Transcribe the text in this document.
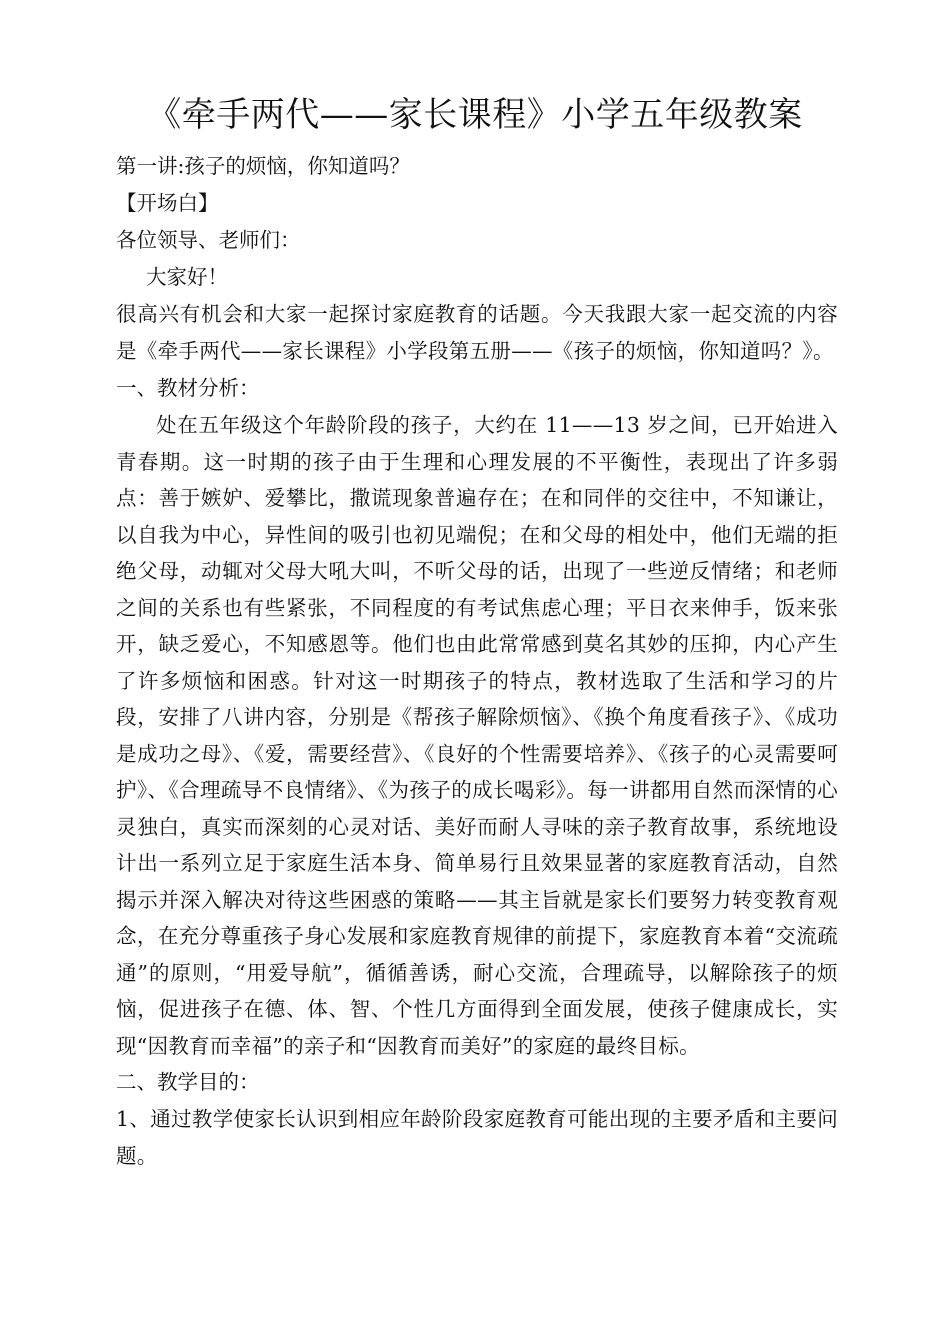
《牵手两代——家长课程》小学五年级教案

第一讲:孩子的烦恼，你知道吗？

【开场白】

各位领导、老师们：

大家好！

很高兴有机会和大家一起探讨家庭教育的话题。今天我跟大家一起交流的内容是《牵手两代——家长课程》小学段第五册——《孩子的烦恼，你知道吗？》。

一、教材分析：

处在五年级这个年龄阶段的孩子，大约在 11——13 岁之间，已开始进入青春期。这一时期的孩子由于生理和心理发展的不平衡性，表现出了许多弱点：善于嫉妒、爱攀比，撒谎现象普遍存在；在和同伴的交往中，不知谦让，以自我为中心，异性间的吸引也初见端倪；在和父母的相处中，他们无端的拒绝父母，动辄对父母大吼大叫，不听父母的话，出现了一些逆反情绪；和老师之间的关系也有些紧张，不同程度的有考试焦虑心理；平日衣来伸手，饭来张开，缺乏爱心，不知感恩等。他们也由此常常感到莫名其妙的压抑，内心产生了许多烦恼和困惑。针对这一时期孩子的特点，教材选取了生活和学习的片段，安排了八讲内容，分别是《帮孩子解除烦恼》、《换个角度看孩子》、《成功是成功之母》、《爱，需要经营》、《良好的个性需要培养》、《孩子的心灵需要呵护》、《合理疏导不良情绪》、《为孩子的成长喝彩》。每一讲都用自然而深情的心灵独白，真实而深刻的心灵对话、美好而耐人寻味的亲子教育故事，系统地设计出一系列立足于家庭生活本身、简单易行且效果显著的家庭教育活动，自然揭示并深入解决对待这些困惑的策略——其主旨就是家长们要努力转变教育观念，在充分尊重孩子身心发展和家庭教育规律的前提下，家庭教育本着“交流疏通”的原则，“用爱导航”，循循善诱，耐心交流，合理疏导，以解除孩子的烦恼，促进孩子在德、体、智、个性几方面得到全面发展，使孩子健康成长，实现“因教育而幸福”的亲子和“因教育而美好”的家庭的最终目标。

二、教学目的：

1、通过教学使家长认识到相应年龄阶段家庭教育可能出现的主要矛盾和主要问题。
